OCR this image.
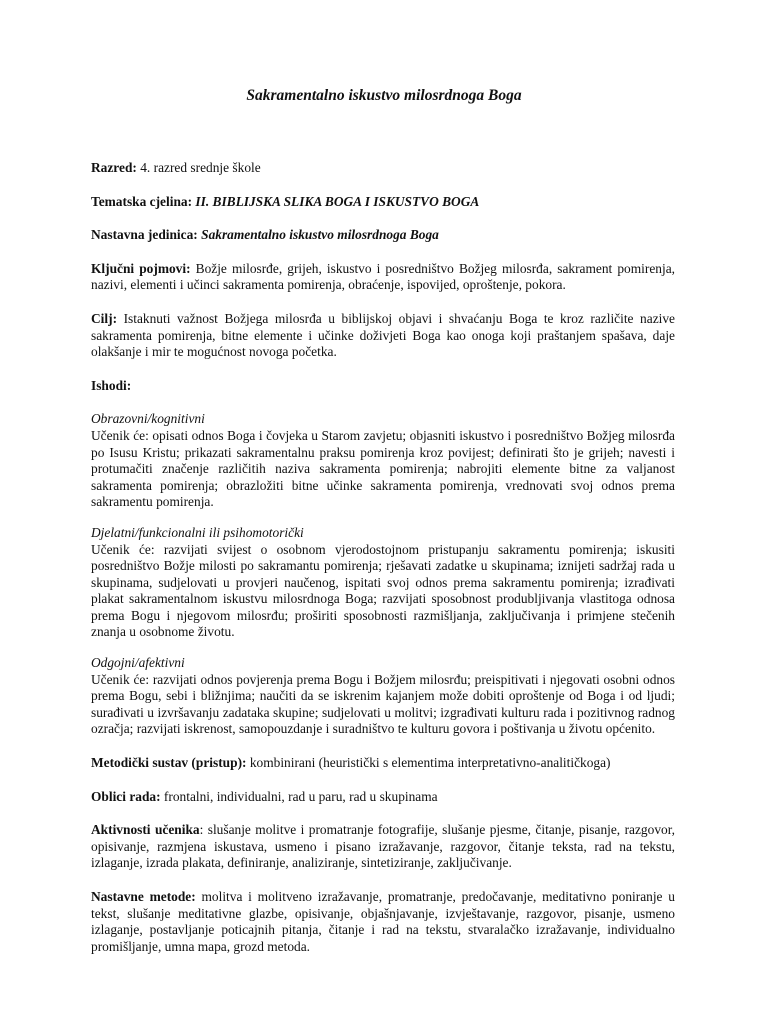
Sakramentalno iskustvo milosrdnoga Boga

Razred: 4. razred srednje škole

Tematska cjelina: II. BIBLIJSKA SLIKA BOGA I ISKUSTVO BOGA

Nastavna jedinica: Sakramentalno iskustvo milosrdnoga Boga

Ključni pojmovi: Božje milosrđe, grijeh, iskustvo i posredništvo Božjeg milosrđa, sakrament pomirenja, nazivi, elementi i učinci sakramenta pomirenja, obraćenje, ispovijed, oproštenje, pokora.

Cilj: Istaknuti važnost Božjega milosrđa u biblijskoj objavi i shvaćanju Boga te kroz različite nazive sakramenta pomirenja, bitne elemente i učinke doživjeti Boga kao onoga koji praštanjem spašava, daje olakšanje i mir te mogućnost novoga početka.

Ishodi:

Obrazovni/kognitivni

Učenik će: opisati odnos Boga i čovjeka u Starom zavjetu; objasniti iskustvo i posredništvo Božjeg milosrđa po Isusu Kristu; prikazati sakramentalnu praksu pomirenja kroz povijest; definirati što je grijeh; navesti i protumačiti značenje različitih naziva sakramenta pomirenja; nabrojiti elemente bitne za valjanost sakramenta pomirenja; obrazložiti bitne učinke sakramenta pomirenja, vrednovati svoj odnos prema sakramentu pomirenja.

Djelatni/funkcionalni ili psihomotorički

Učenik će: razvijati svijest o osobnom vjerodostojnom pristupanju sakramentu pomirenja; iskusiti posredništvo Božje milosti po sakramantu pomirenja; rješavati zadatke u skupinama; iznijeti sadržaj rada u skupinama, sudjelovati u provjeri naučenog, ispitati svoj odnos prema sakramentu pomirenja; izrađivati plakat sakramentalnom iskustvu milosrdnoga Boga; razvijati sposobnost produbljivanja vlastitoga odnosa prema Bogu i njegovom milosrđu; proširiti sposobnosti razmišljanja, zaključivanja i primjene stečenih znanja u osobnome životu.

Odgojni/afektivni

Učenik će: razvijati odnos povjerenja prema Bogu i Božjem milosrđu; preispitivati i njegovati osobni odnos prema Bogu, sebi i bližnjima; naučiti da se iskrenim kajanjem može dobiti oproštenje od Boga i od ljudi; surađivati u izvršavanju zadataka skupine; sudjelovati u molitvi; izgrađivati kulturu rada i pozitivnog radnog ozračja; razvijati iskrenost, samopouzdanje i suradništvo te kulturu govora i poštivanja u životu općenito.

Metodički sustav (pristup): kombinirani (heuristički s elementima interpretativno-analitičkoga)

Oblici rada: frontalni, individualni, rad u paru, rad u skupinama

Aktivnosti učenika: slušanje molitve i promatranje fotografije, slušanje pjesme, čitanje, pisanje, razgovor, opisivanje, razmjena iskustava, usmeno i pisano izražavanje, razgovor, čitanje teksta, rad na tekstu, izlaganje, izrada plakata, definiranje, analiziranje, sintetiziranje, zaključivanje.

Nastavne metode: molitva i molitveno izražavanje, promatranje, predočavanje, meditativno poniranje u tekst, slušanje meditativne glazbe, opisivanje, objašnjavanje, izvještavanje, razgovor, pisanje, usmeno izlaganje, postavljanje poticajnih pitanja, čitanje i rad na tekstu, stvaralačko izražavanje, individualno promišljanje, umna mapa, grozd metoda.
